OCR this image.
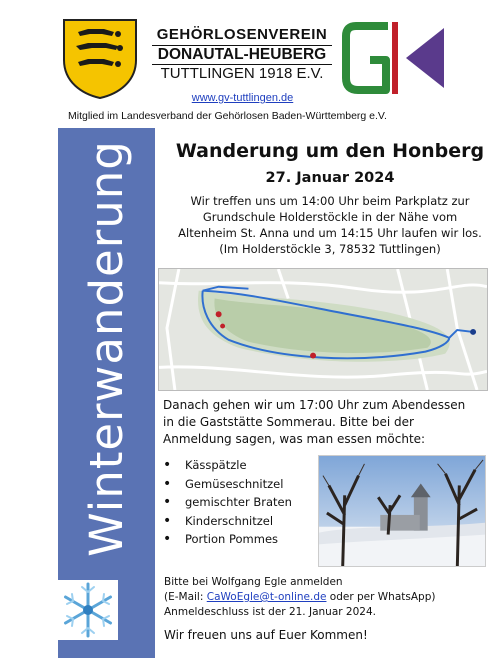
Winterwanderung
GEHÖRLOSENVEREIN
DONAUTAL-HEUBERG
TUTTLINGEN 1918 E.V.
www.gv-tuttlingen.de
Mitglied im Landesverband der Gehörlosen Baden-Württemberg e.V.
Wanderung um den Honberg
27. Januar 2024

Wir treffen uns um 14:00 Uhr beim Parkplatz zur

Grundschule Holderstöckle in der Nähe vom

Altenheim St. Anna und um 14:15 Uhr laufen wir los.

(Im Holderstöckle 3, 78532 Tuttlingen)

Danach gehen wir um 17:00 Uhr zum Abendessen
in die Gaststätte Sommerau. Bitte bei der
Anmeldung sagen, was man essen möchte:
•	Kässpätzle
•	Gemüseschnitzel
•	gemischter Braten
•	Kinderschnitzel
•	Portion Pommes
Bitte bei Wolfgang Egle anmelden
(E-Mail: CaWoEgle@t-online.de oder per WhatsApp)
Anmeldeschluss ist der 21. Januar 2024.
Wir freuen uns auf Euer Kommen!
